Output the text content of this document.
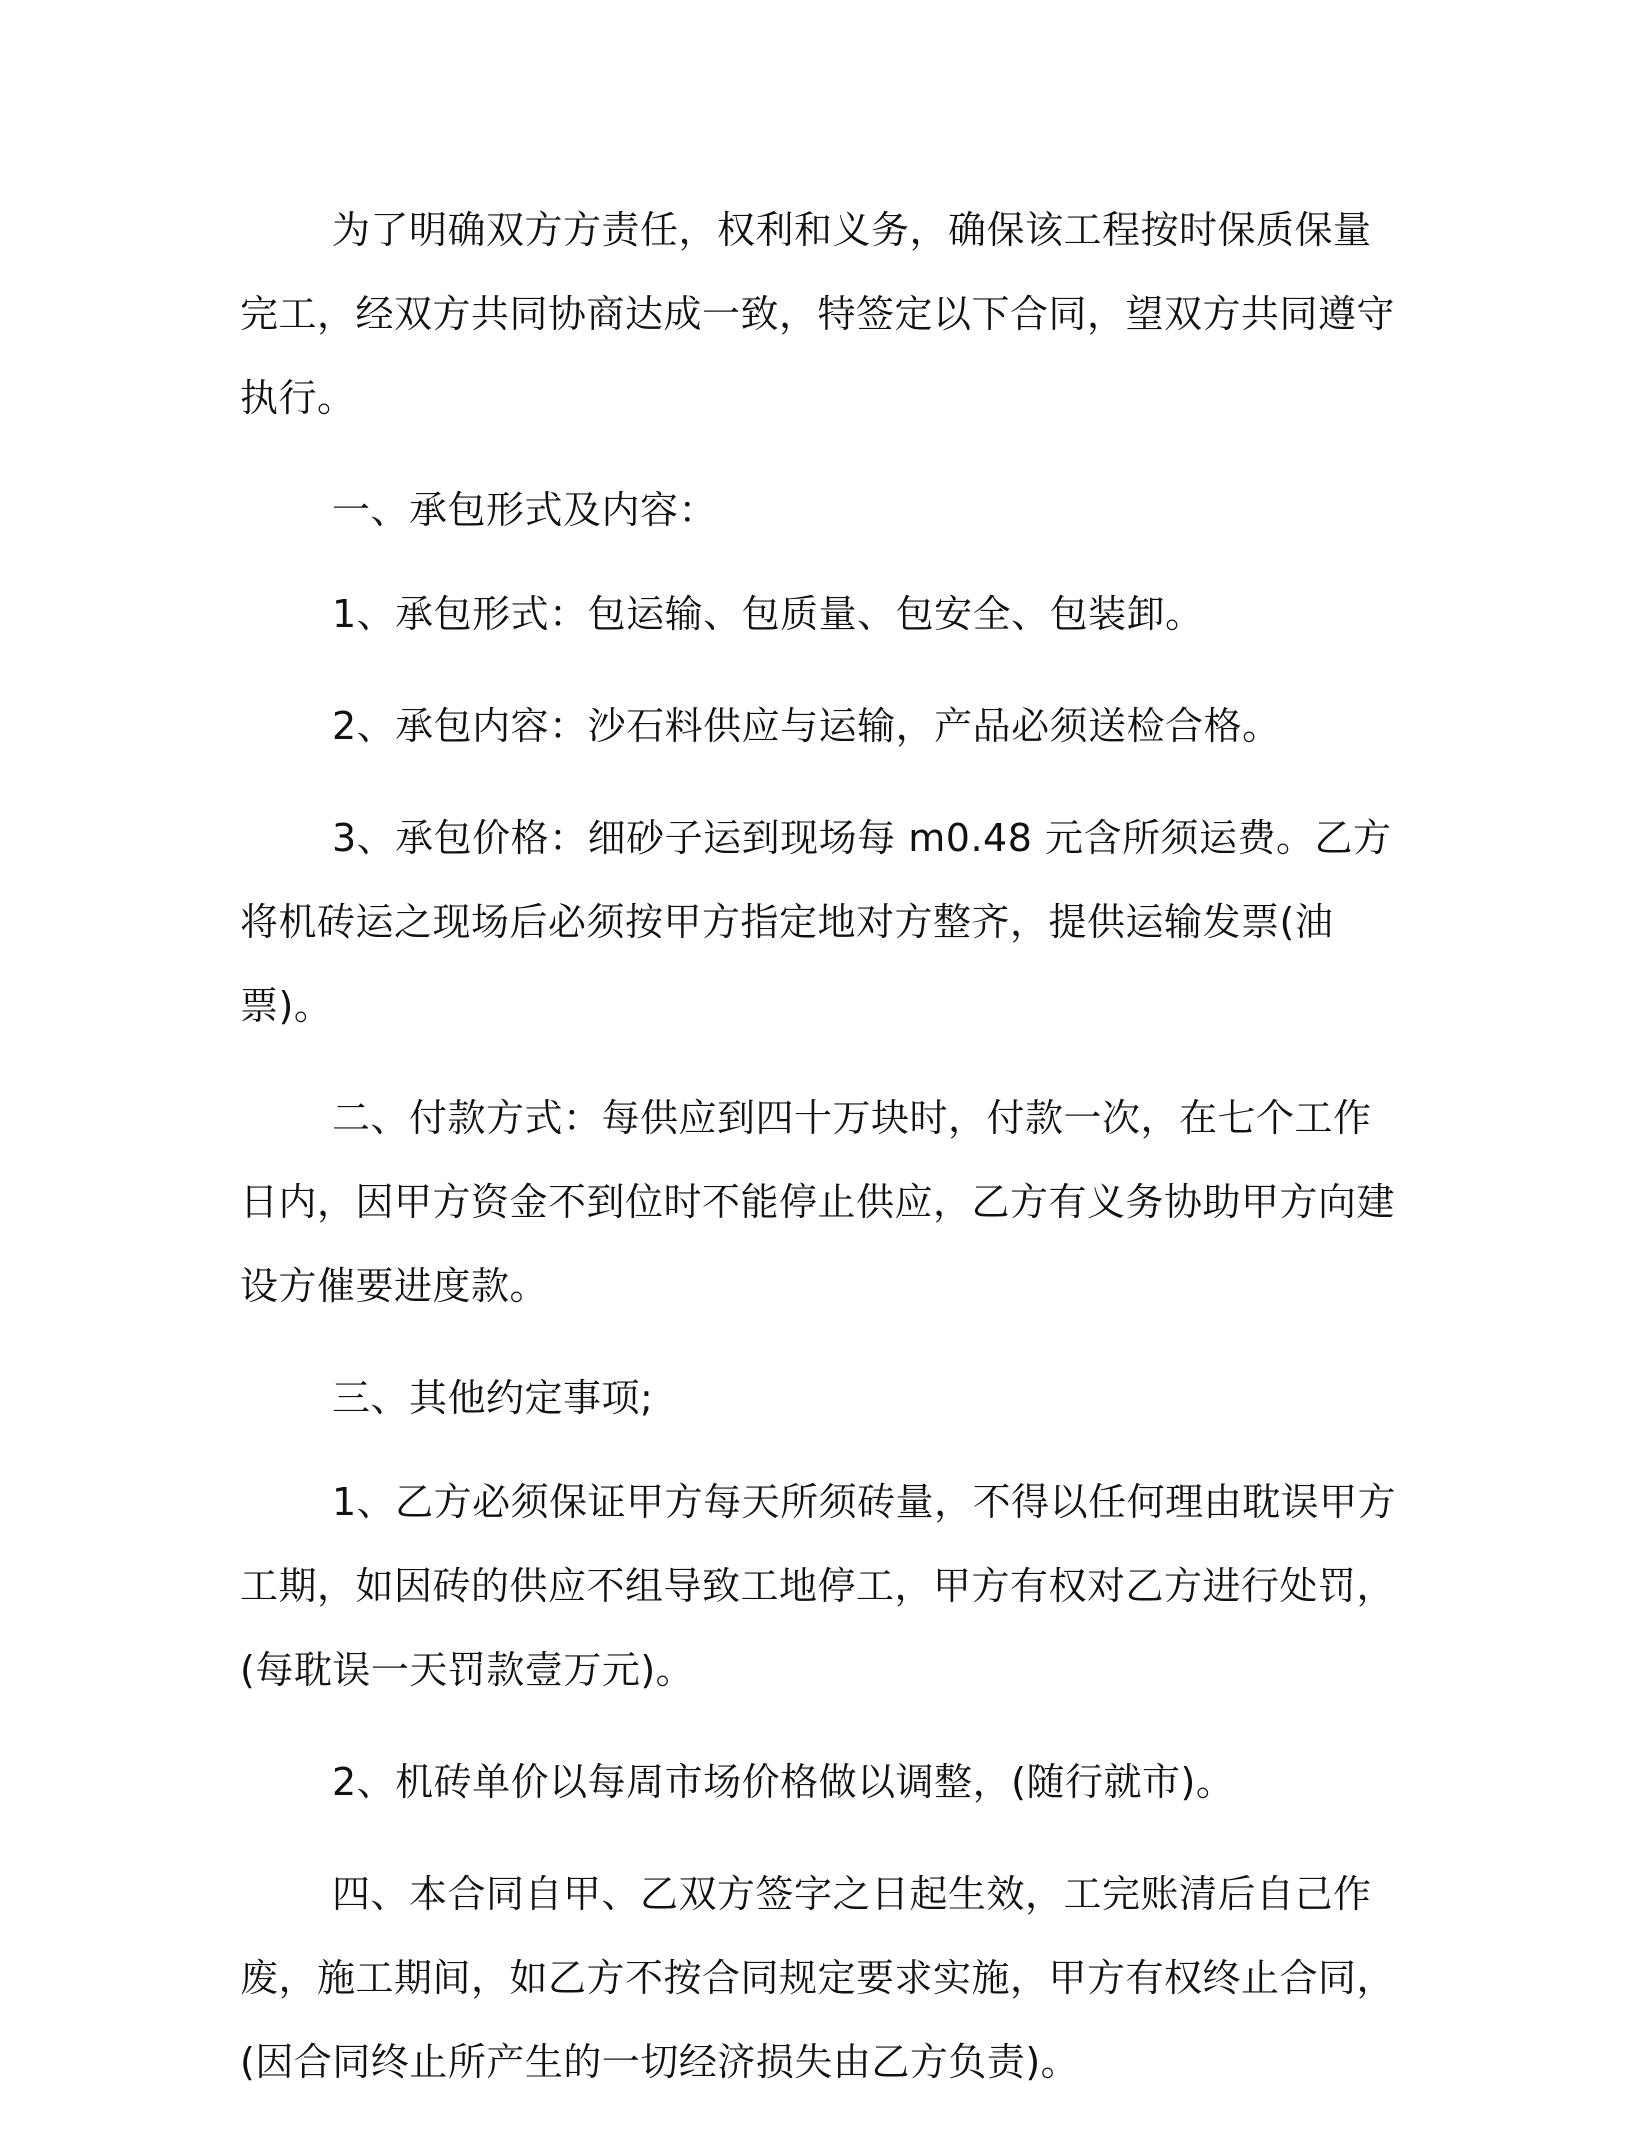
为了明确双方方责任，权利和义务，确保该工程按时保质保量完工，经双方共同协商达成一致，特签定以下合同，望双方共同遵守执行。

一、承包形式及内容：

1、承包形式：包运输、包质量、包安全、包装卸。

2、承包内容：沙石料供应与运输，产品必须送检合格。

3、承包价格：细砂子运到现场每 m0.48 元含所须运费。乙方将机砖运之现场后必须按甲方指定地对方整齐，提供运输发票(油票)。

二、付款方式：每供应到四十万块时，付款一次，在七个工作日内，因甲方资金不到位时不能停止供应，乙方有义务协助甲方向建设方催要进度款。

三、其他约定事项;

1、乙方必须保证甲方每天所须砖量，不得以任何理由耽误甲方工期，如因砖的供应不组导致工地停工，甲方有权对乙方进行处罚，(每耽误一天罚款壹万元)。

2、机砖单价以每周市场价格做以调整，(随行就市)。

四、本合同自甲、乙双方签字之日起生效，工完账清后自己作废，施工期间，如乙方不按合同规定要求实施，甲方有权终止合同，(因合同终止所产生的一切经济损失由乙方负责)。
